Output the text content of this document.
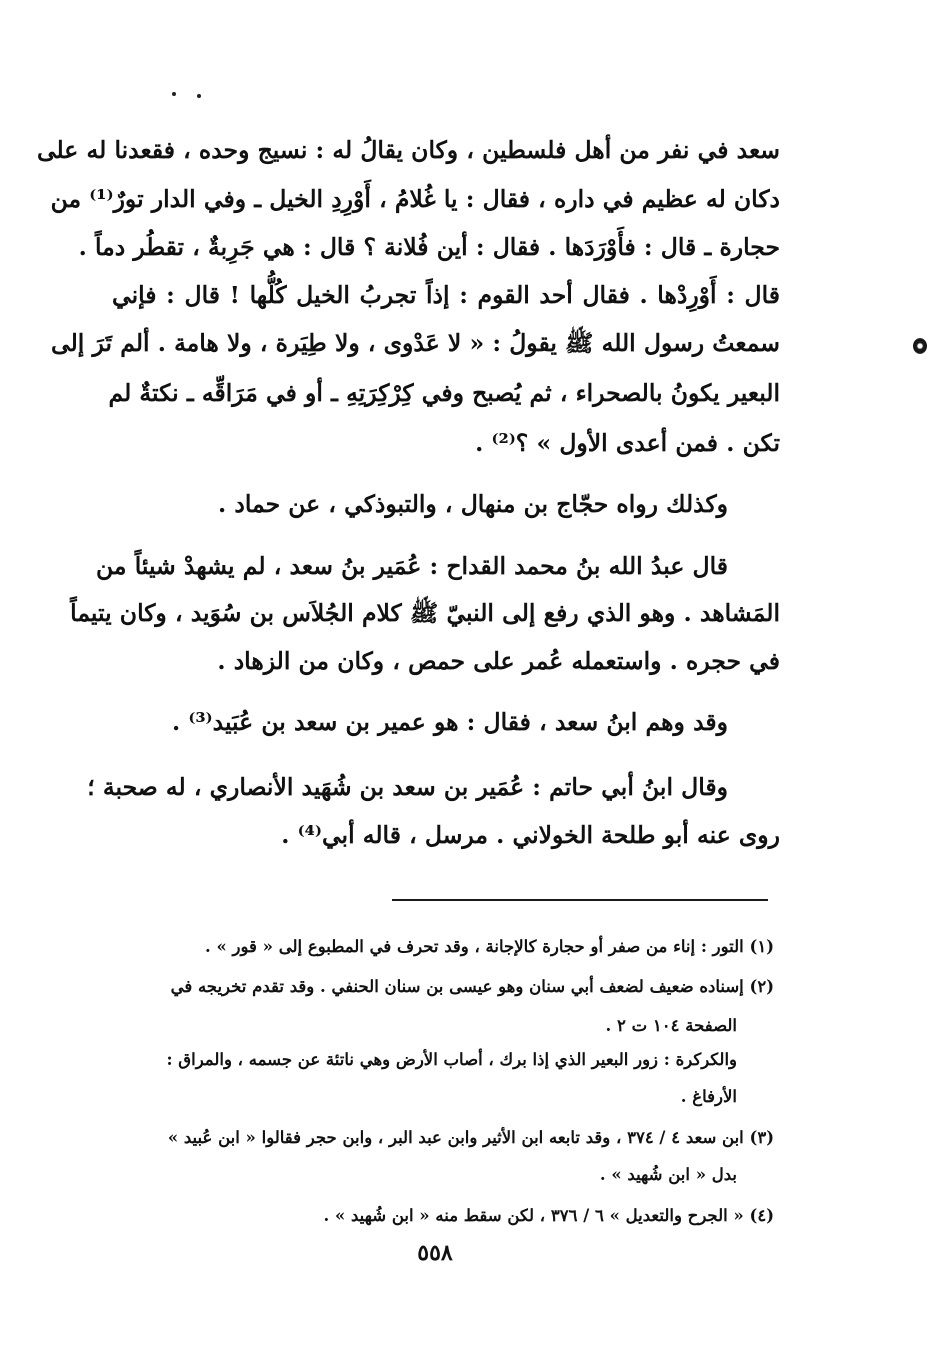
سعد في نفر من أهل فلسطين ، وكان يقالُ له : نسيج وحده ، فقعدنا له على
دكان له عظيم في داره ، فقال : يا غُلامُ ، أَوْرِدِ الخيل ـ وفي الدار تورٌ⁽¹⁾ من
حجارة ـ قال : فأَوْرَدَها . فقال : أين فُلانة ؟ قال : هي جَرِبةٌ ، تقطُر دماً .
قال : أَوْرِدْها . فقال أحد القوم : إذاً تجربُ الخيل كُلُّها ! قال : فإني
سمعتُ رسول الله ﷺ يقولُ : « لا عَدْوى ، ولا طِيَرة ، ولا هامة . ألم تَرَ إلى
البعير يكونُ بالصحراء ، ثم يُصبح وفي كِرْكِرَتِهِ ـ أو في مَرَاقِّه ـ نكتةٌ لم
تكن . فمن أعدى الأول » ؟⁽²⁾ .
وكذلك رواه حجّاج بن منهال ، والتبوذكي ، عن حماد .
قال عبدُ الله بنُ محمد القداح : عُمَير بنُ سعد ، لم يشهدْ شيئاً من
المَشاهد . وهو الذي رفع إلى النبيّ ﷺ كلام الجُلاَس بن سُوَيد ، وكان يتيماً
في حجره . واستعمله عُمر على حمص ، وكان من الزهاد .
وقد وهم ابنُ سعد ، فقال : هو عمير بن سعد بن عُبَيد⁽³⁾ .
وقال ابنُ أبي حاتم : عُمَير بن سعد بن شُهَيد الأنصاري ، له صحبة ؛
روى عنه أبو طلحة الخولاني . مرسل ، قاله أبي⁽⁴⁾ .
(١) التور : إناء من صفر أو حجارة كالإجانة ، وقد تحرف في المطبوع إلى « قور » .
(٢) إسناده ضعيف لضعف أبي سنان وهو عيسى بن سنان الحنفي . وقد تقدم تخريجه في
الصفحة ١٠٤ ت ٢ .
والكركرة : زور البعير الذي إذا برك ، أصاب الأرض وهي ناتئة عن جسمه ، والمراق :
الأرفاغ .
(٣) ابن سعد ٤ / ٣٧٤ ، وقد تابعه ابن الأثير وابن عبد البر ، وابن حجر فقالوا « ابن عُبيد »
بدل « ابن شُهيد » .
(٤) « الجرح والتعديل » ٦ / ٣٧٦ ، لكن سقط منه « ابن شُهيد » .
٥٥٨
